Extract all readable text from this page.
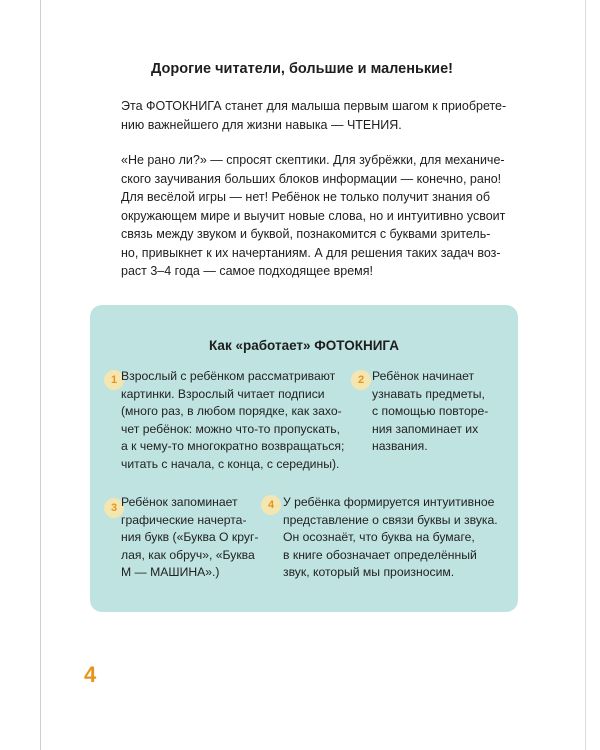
Дорогие читатели, большие и маленькие!

Эта ФОТОКНИГА станет для малыша первым шагом к приобрете-
нию важнейшего для жизни навыка — ЧТЕНИЯ.

«Не рано ли?» — спросят скептики. Для зубрёжки, для механиче-
ского заучивания больших блоков информации — конечно, рано!
Для весёлой игры — нет! Ребёнок не только получит знания об
окружающем мире и выучит новые слова, но и интуитивно усвоит
связь между звуком и буквой, познакомится с буквами зритель-
но, привыкнет к их начертаниям. А для решения таких задач воз-
раст 3–4 года — самое подходящее время!

Как «работает» ФОТОКНИГА
1 Взрослый с ребёнком рассматривают
картинки. Взрослый читает подписи
(много раз, в любом порядке, как захо-
чет ребёнок: можно что-то пропускать,
а к чему-то многократно возвращаться;
читать с начала, с конца, с середины).
2 Ребёнок начинает
узнавать предметы,
с помощью повторе-
ния запоминает их
названия.
3 Ребёнок запоминает
графические начерта-
ния букв («Буква О круг-
лая, как обруч», «Буква
М — МАШИНА».)
4 У ребёнка формируется интуитивное
представление о связи буквы и звука.
Он осознаёт, что буква на бумаге,
в книге обозначает определённый
звук, который мы произносим.
4
